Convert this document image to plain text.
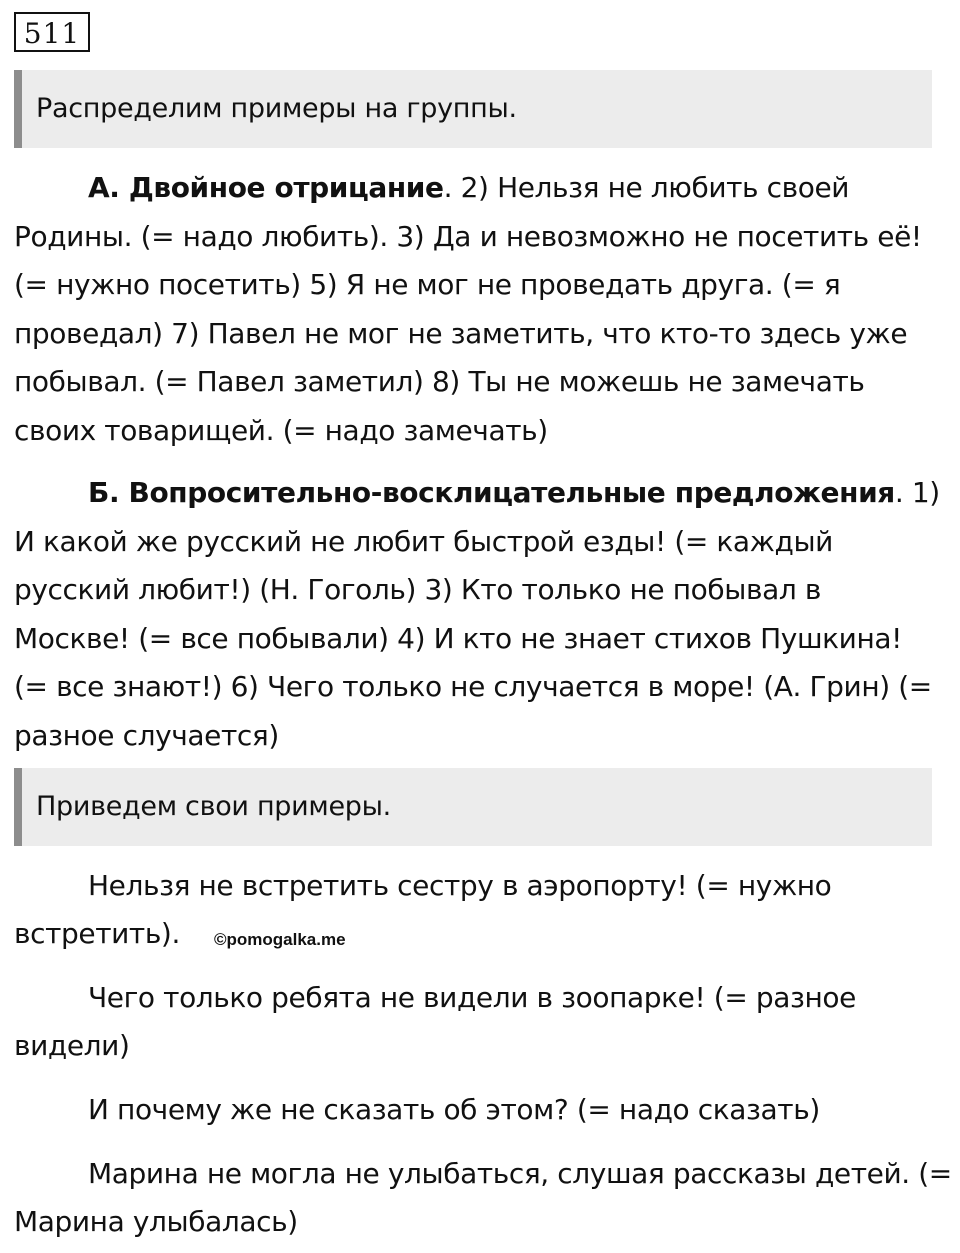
511
Распределим примеры на группы.

А. Двойное отрицание. 2) Нельзя не любить своей Родины. (= надо любить). 3) Да и невозможно не посетить её! (= нужно посетить) 5) Я не мог не проведать друга. (= я проведал) 7) Павел не мог не заметить, что кто-то здесь уже побывал. (= Павел заметил) 8) Ты не можешь не замечать своих товарищей. (= надо замечать)

Б. Вопросительно-восклицательные предложения. 1) И какой же русский не любит быстрой езды! (= каждый русский любит!) (Н. Гоголь) 3) Кто только не побывал в Москве! (= все побывали) 4) И кто не знает стихов Пушкина! (= все знают!) 6) Чего только не случается в море! (А. Грин) (= разное случается)

Приведем свои примеры.

Нельзя не встретить сестру в аэропорту! (= нужно встретить).	©pomogalka.me

Чего только ребята не видели в зоопарке! (= разное видели)

И почему же не сказать об этом? (= надо сказать)

Марина не могла не улыбаться, слушая рассказы детей. (= Марина улыбалась)
